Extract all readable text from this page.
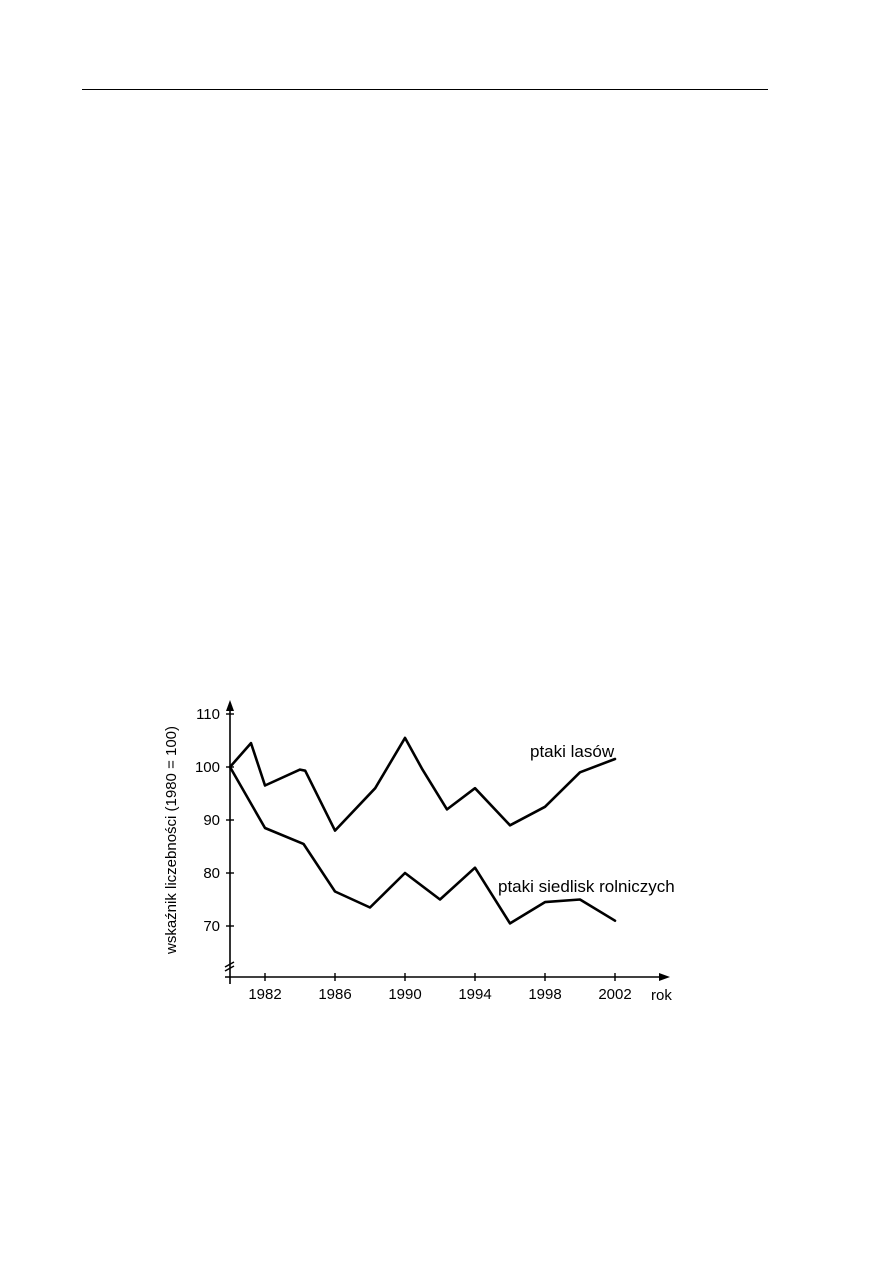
70
80
90
100
110
1982 1986 1990 1994 1998 2002
wskaźnik liczebności (1980 = 100)
rok
ptaki lasów
ptaki siedlisk rolniczych
